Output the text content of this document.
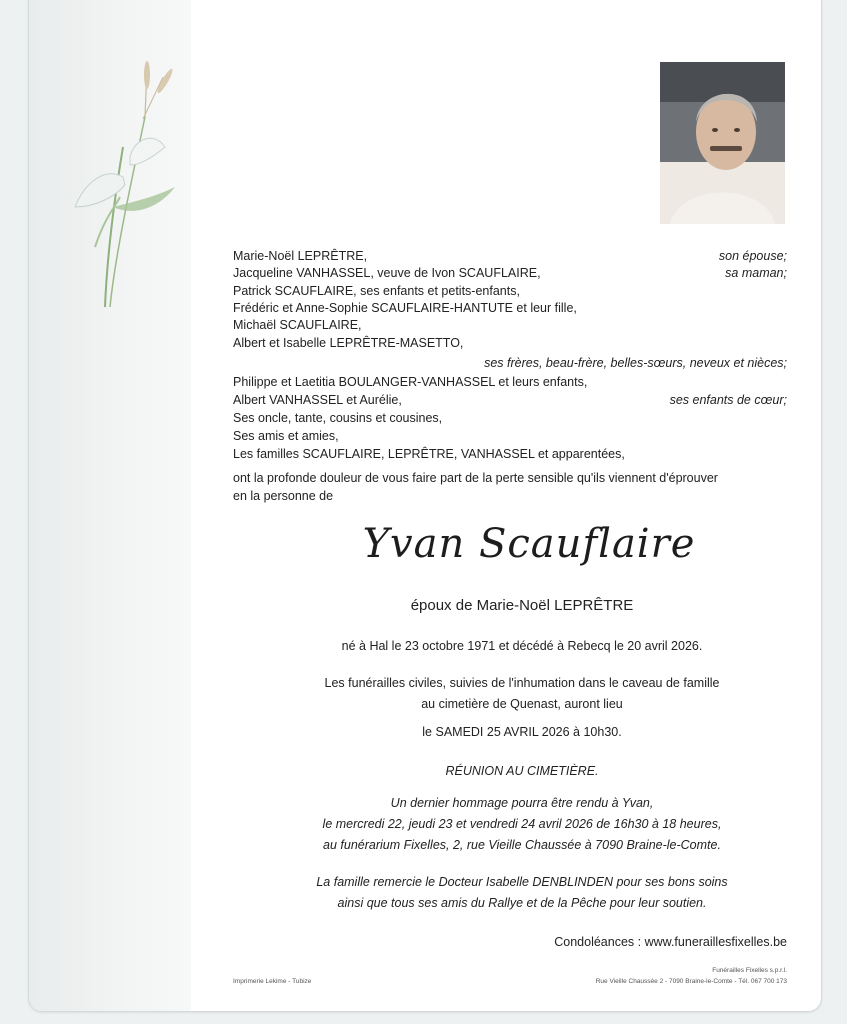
Marie-Noël LEPRÊTRE,	son épouse;
Jacqueline VANHASSEL, veuve de Ivon SCAUFLAIRE,	sa maman;
Patrick SCAUFLAIRE, ses enfants et petits-enfants,
Frédéric et Anne-Sophie SCAUFLAIRE-HANTUTE et leur fille,
Michaël SCAUFLAIRE,
Albert et Isabelle LEPRÊTRE-MASETTO,
ses frères, beau-frère, belles-sœurs, neveux et nièces;
Philippe et Laetitia BOULANGER-VANHASSEL et leurs enfants,
Albert VANHASSEL et Aurélie,	ses enfants de cœur;
Ses oncle, tante, cousins et cousines,
Ses amis et amies,
Les familles SCAUFLAIRE, LEPRÊTRE, VANHASSEL et apparentées,
ont la profonde douleur de vous faire part de la perte sensible qu'ils viennent d'éprouver
en la personne de
Yvan Scauflaire
époux de Marie-Noël LEPRÊTRE
né à Hal le 23 octobre 1971 et décédé à Rebecq le 20 avril 2026.
Les funérailles civiles, suivies de l'inhumation dans le caveau de famille
au cimetière de Quenast, auront lieu
le SAMEDI 25 AVRIL 2026 à 10h30.
RÉUNION AU CIMETIÈRE.
Un dernier hommage pourra être rendu à Yvan,
le mercredi 22, jeudi 23 et vendredi 24 avril 2026 de 16h30 à 18 heures,
au funérarium Fixelles, 2, rue Vieille Chaussée à 7090 Braine-le-Comte.
La famille remercie le Docteur Isabelle DENBLINDEN pour ses bons soins
ainsi que tous ses amis du Rallye et de la Pêche pour leur soutien.
Condoléances : www.funeraillesfixelles.be
Imprimerie Lekime - Tubize
Funérailles Fixelles s.p.r.l.
Rue Vieille Chaussée 2 - 7090 Braine-le-Comte - Tél. 067 700 173
